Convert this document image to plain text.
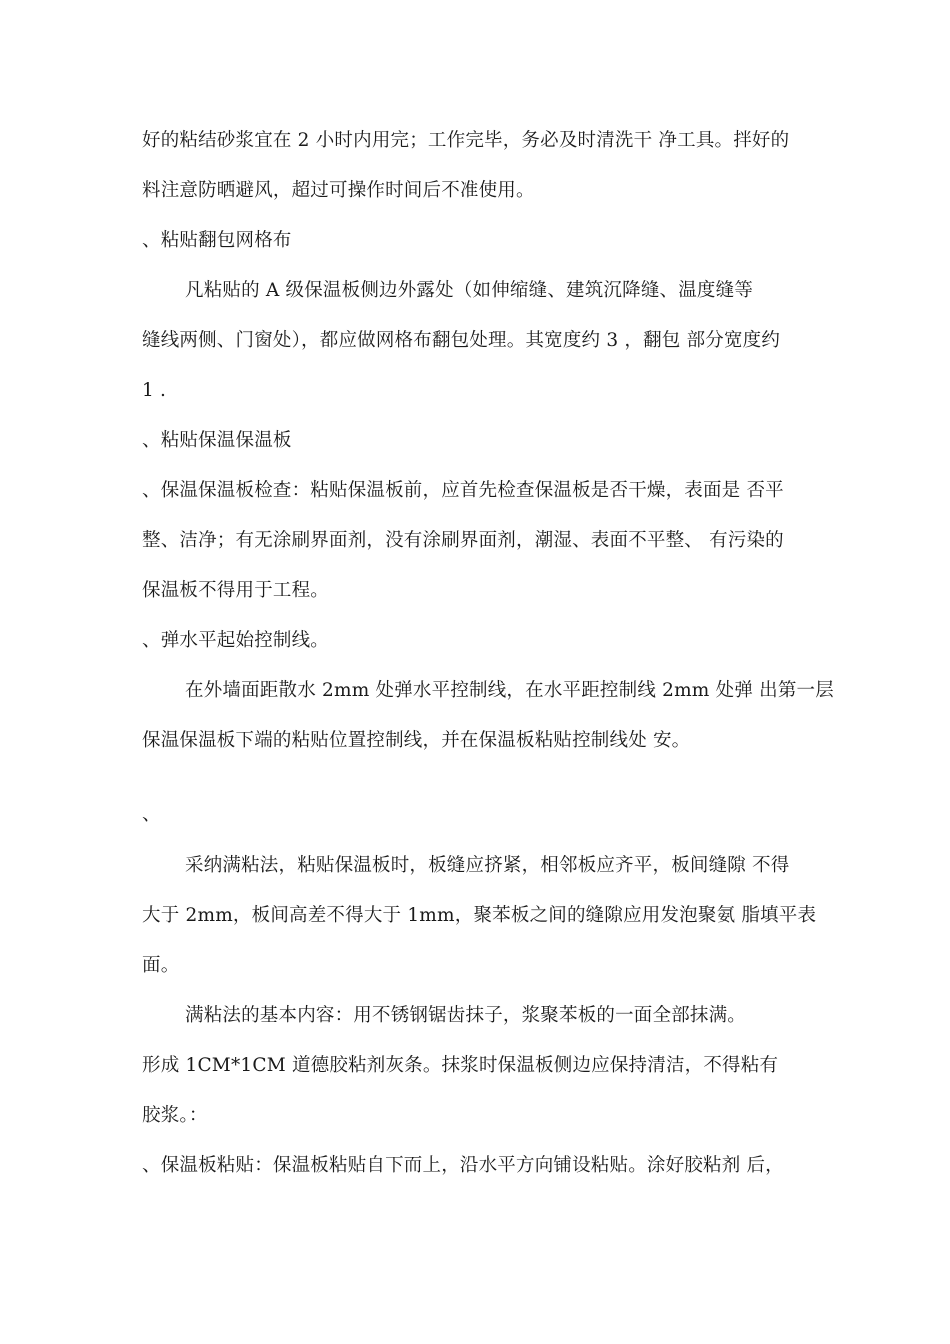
好的粘结砂浆宜在 2 小时内用完；工作完毕，务必及时清洗干 净工具。拌好的
料注意防晒避风，超过可操作时间后不准使用。
、粘贴翻包网格布
凡粘贴的 A 级保温板侧边外露处（如伸缩缝、建筑沉降缝、温度缝等
缝线两侧、门窗处），都应做网格布翻包处理。其宽度约 3 ，翻包 部分宽度约
1 .
、粘贴保温保温板
、保温保温板检查：粘贴保温板前，应首先检查保温板是否干燥，表面是 否平
整、洁净；有无涂刷界面剂，没有涂刷界面剂，潮湿、表面不平整、 有污染的
保温板不得用于工程。
、弹水平起始控制线。
在外墙面距散水 2mm 处弹水平控制线，在水平距控制线 2mm 处弹 出第一层
保温保温板下端的粘贴位置控制线，并在保温板粘贴控制线处 安。
、
采纳满粘法，粘贴保温板时，板缝应挤紧，相邻板应齐平，板间缝隙 不得
大于 2mm，板间高差不得大于 1mm，聚苯板之间的缝隙应用发泡聚氨 脂填平表
面。
满粘法的基本内容：用不锈钢锯齿抹子，浆聚苯板的一面全部抹满。
形成 1CM*1CM 道德胶粘剂灰条。抹浆时保温板侧边应保持清洁，不得粘有
胶浆。：
、保温板粘贴：保温板粘贴自下而上，沿水平方向铺设粘贴。涂好胶粘剂 后，
